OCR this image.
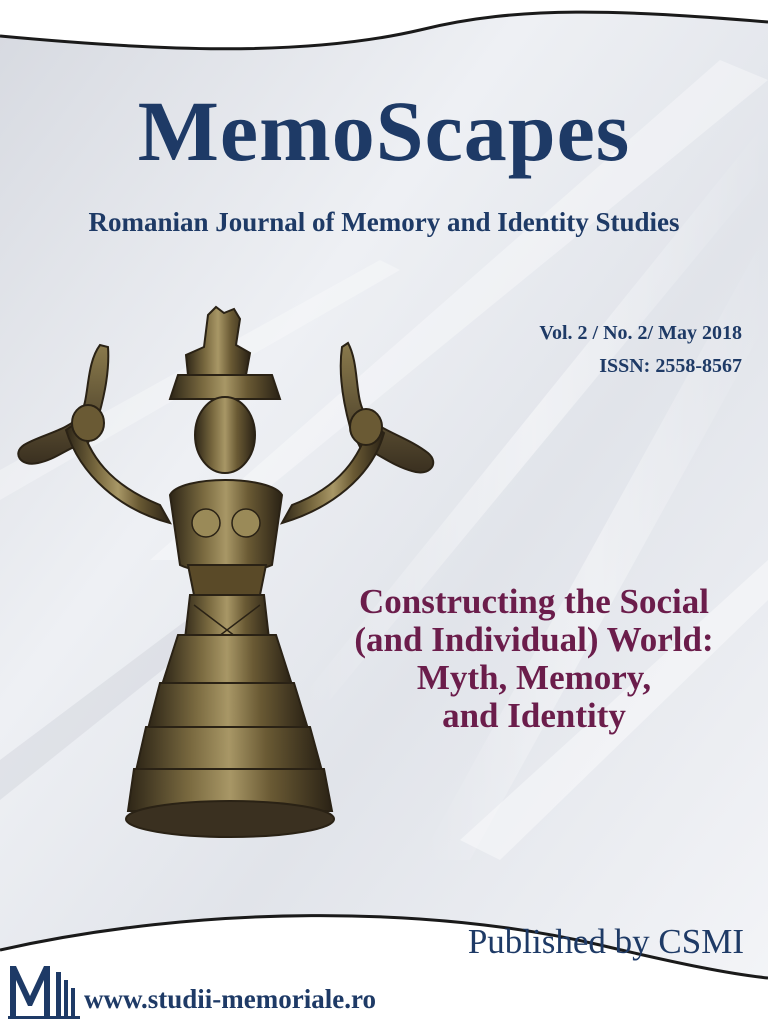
MemoScapes
Romanian Journal of Memory and Identity Studies
Vol. 2 / No. 2/ May 2018
ISSN: 2558-8567
Constructing the Social
(and Individual) World:
Myth, Memory,
and Identity
Published by CSMI
www.studii-memoriale.ro
